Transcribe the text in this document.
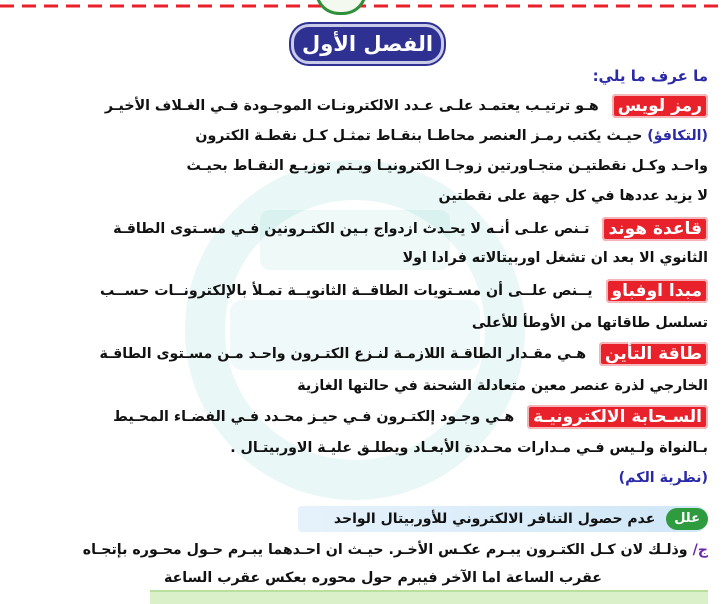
الفصل الأول
ما عرف ما يلي:
رمز لويس هـو ترتيـب يعتمـد علـى عـدد الالكترونـات الموجـودة فـي الغـلاف الأخيـر
(التكافؤ) حيـث يكتب رمـز العنصر محاطـا بنقـاط تمثـل كـل نقطـة الكترون
واحـد وكـل نقطتيـن متجـاورتين زوجـا الكترونيـا ويـتم توزيـع النقـاط بحيـث
لا يزيد عددها في كل جهة على نقطتين
قاعدة هوند تـنص علـى أنـه لا يحـدث ازدواج بـين الكتـرونين فـي مسـتوى الطاقـة
الثانوي الا بعد ان تشغل اوربيتالاته فرادا اولا
مبدا اوفباو يــنص علــى أن مسـتويات الطاقــة الثانويــة تمـلأ بالإلكترونــات حســب
تسلسل طاقاتها من الأوطأ للأعلى
طاقة التأين هـي مقـدار الطاقـة اللازمـة لنـزع الكتـرون واحـد مـن مسـتوى الطاقـة
الخارجي لذرة عنصر معين متعادلة الشحنة في حالتها الغازية
السـحابة الالكترونيـة هـي وجـود إلكتـرون فـي حيـز محـدد فـي الفضـاء المحـيط
بـالنواة ولـيس فـي مـدارات محـددة الأبعـاد ويطلـق عليـة الاوربيتـال .
(نظرية الكم)
علل عدم حصول التنافر الالكتروني للأوربيتال الواحد
ج/ وذلـك لان كـل الكتـرون يبـرم عكـس الأخـر. حيـث ان احـدهما يبـرم حـول محـوره بإتجـاه
عقرب الساعة اما الآخر فيبرم حول محوره بعكس عقرب الساعة
